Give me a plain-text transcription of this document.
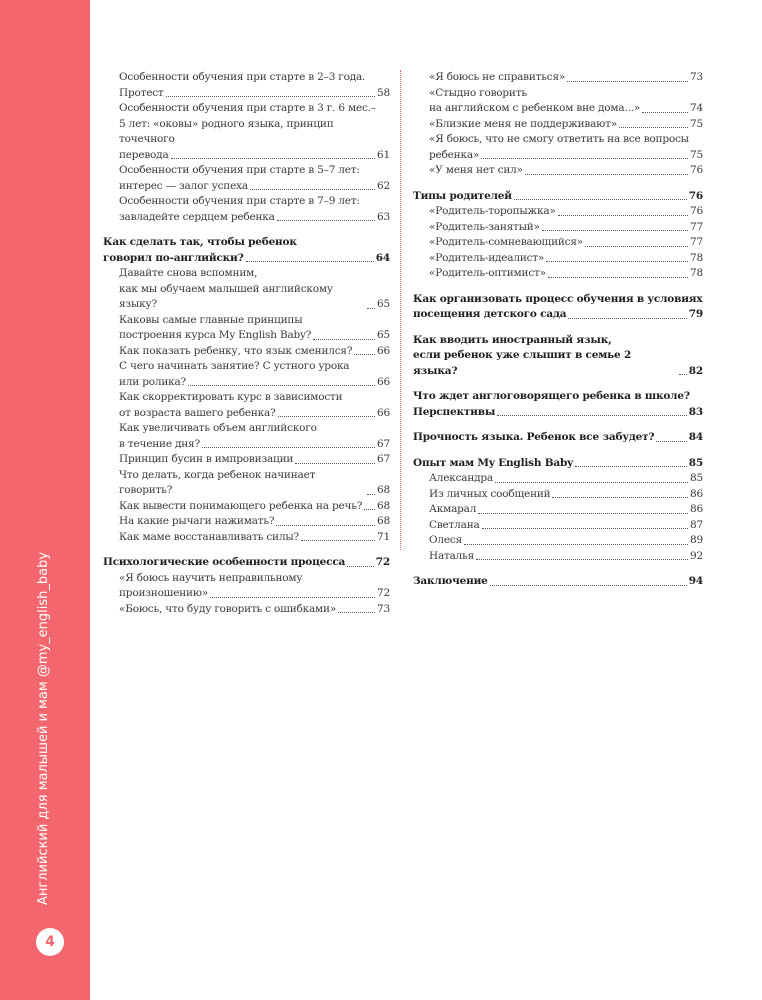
Английский для малышей и мам @my_english_baby
4
Особенности обучения при старте в 2–3 года.
Протест	58
Особенности обучения при старте в 3 г. 6 мес.–
5 лет: «оковы» родного языка, принцип точечного
перевода	61
Особенности обучения при старте в 5–7 лет:
интерес — залог успеха	62
Особенности обучения при старте в 7–9 лет:
завладейте сердцем ребенка	63
Как сделать так, чтобы ребенок
говорил по-английски?	64
Давайте снова вспомним,
как мы обучаем малышей английскому языку?	65
Каковы самые главные принципы
построения курса My English Baby?	65
Как показать ребенку, что язык сменился? 66
С чего начинать занятие? С устного урока
или ролика?	66
Как скорректировать курс в зависимости
от возраста вашего ребенка?	66
Как увеличивать объем английского
в течение дня?	67
Принцип бусин в импровизации	67
Что делать, когда ребенок начинает говорить?	68
Как вывести понимающего ребенка на речь? 68
На какие рычаги нажимать?	68
Как маме восстанавливать силы?	71
Психологические особенности процесса	72
«Я боюсь научить неправильному
произношению»	72
«Боюсь, что буду говорить с ошибками»	73
«Я боюсь не справиться»	73
«Стыдно говорить
на английском с ребенком вне дома...»	74
«Близкие меня не поддерживают»	75
«Я боюсь, что не смогу ответить на все вопросы
ребенка»	75
«У меня нет сил»	76
Типы родителей	76
«Родитель-торопыжка»	76
«Родитель-занятый»	77
«Родитель-сомневающийся»	77
«Родитель-идеалист»	78
«Родитель-оптимист»	78
Как организовать процесс обучения в условиях
посещения детского сада	79
Как вводить иностранный язык,
если ребенок уже слышит в семье 2 языка?	82
Что ждет англоговорящего ребенка в школе?
Перспективы	83
Прочность языка. Ребенок все забудет?	84
Опыт мам My English Baby	85
Александра	85
Из личных сообщений	86
Акмарал	86
Светлана	87
Олеся	89
Наталья	92
Заключение	94
